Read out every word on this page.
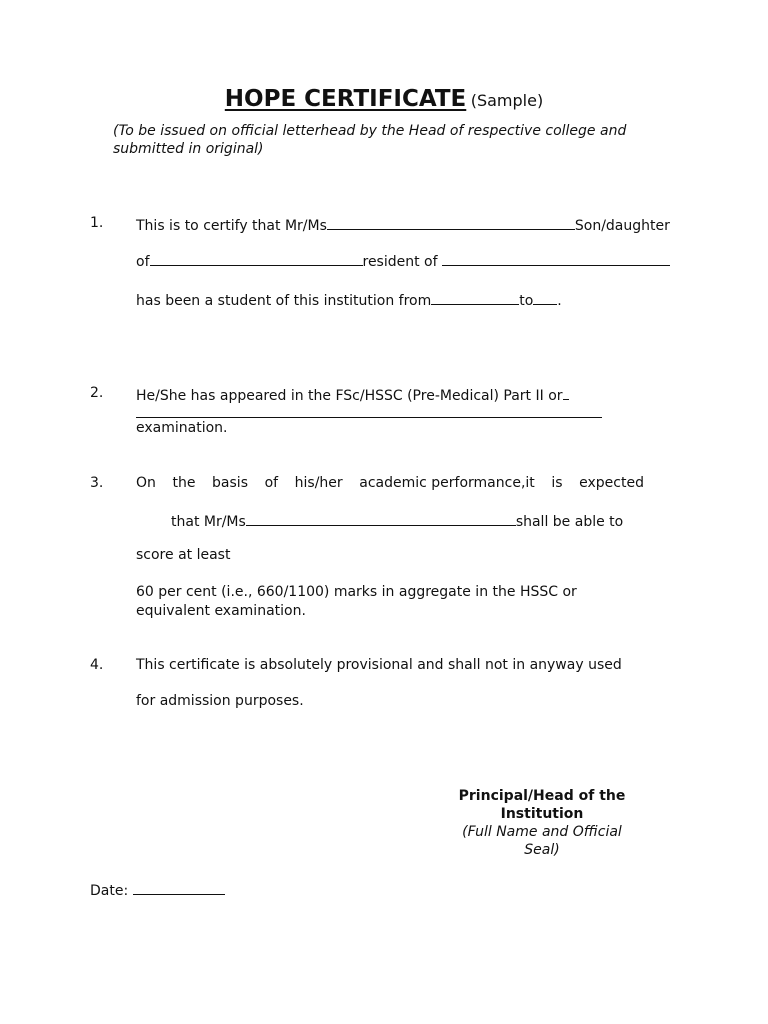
HOPE CERTIFICATE (Sample)
(To be issued on official letterhead by the Head of respective college and submitted in original)
1. This is to certify that Mr/Ms	Son/daughter
of	resident of
has been a student of this institution from	to .
2. He/She has appeared in the FSc/HSSC (Pre-Medical) Part II or
examination.
3. On the basis of his/her academic performance,it is expected
that Mr/Ms	shall be able to
score at least
60 per cent (i.e., 660/1100) marks in aggregate in the HSSC or
equivalent examination.
4. This certificate is absolutely provisional and shall not in anyway used
for admission purposes.
Principal/Head of the Institution
(Full Name and Official Seal)
Date:
